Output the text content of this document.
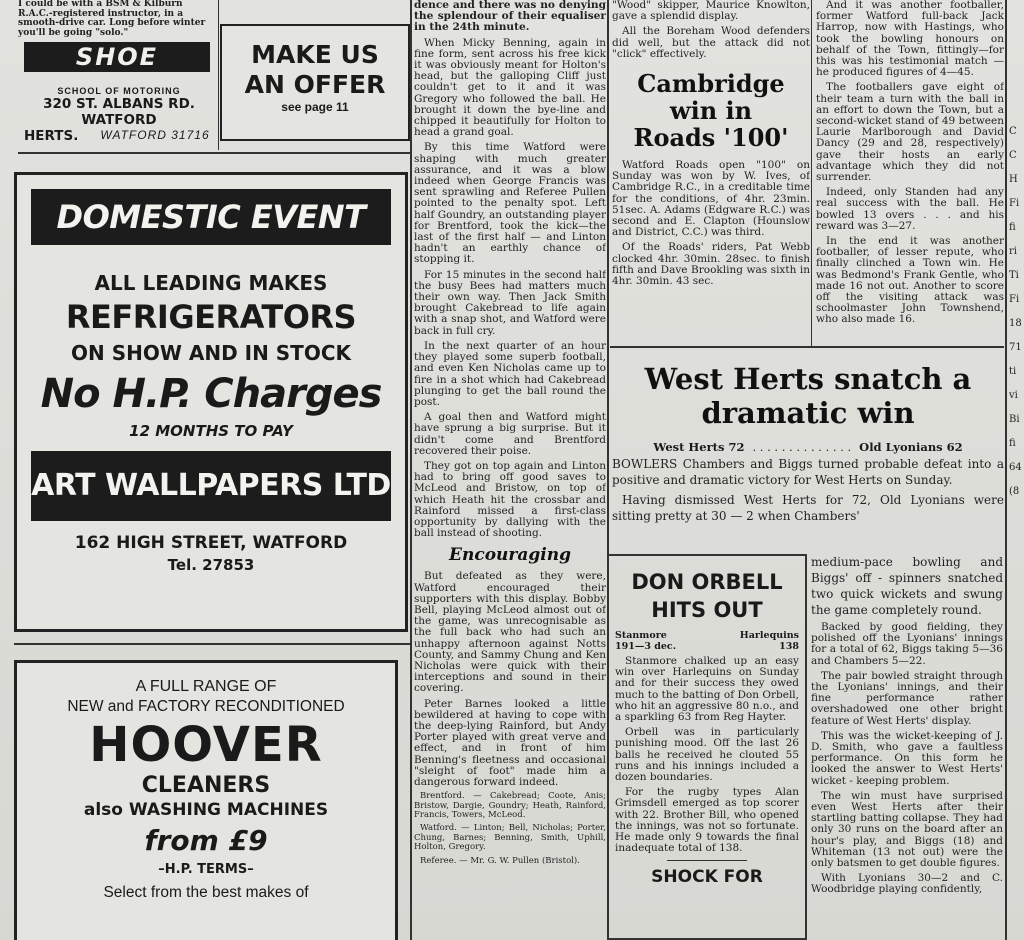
I could be with a BSM & Kilburn R.A.C.-registered instructor, in a smooth-drive car. Long before winter you'll be going "solo."
SHOE
SCHOOL OF MOTORING
320 ST. ALBANS RD. WATFORD
HERTS. WATFORD 31716
MAKE US
AN OFFER
see page 11
DOMESTIC EVENT
ALL LEADING MAKES
REFRIGERATORS
ON SHOW AND IN STOCK
No H.P. Charges
12 MONTHS TO PAY
ART WALLPAPERS LTD
162 HIGH STREET, WATFORD
Tel. 27853
A FULL RANGE OF
NEW and FACTORY RECONDITIONED
HOOVER
CLEANERS
also WASHING MACHINES
from £9
–H.P. TERMS–
Select from the best makes of

dence and there was no denying the splendour of their equaliser in the 24th minute.

When Micky Benning, again in fine form, sent across his free kick it was obviously meant for Holton's head, but the galloping Cliff just couldn't get to it and it was Gregory who followed the ball. He brought it down the bye-line and chipped it beautifully for Holton to head a grand goal.

By this time Watford were shaping with much greater assurance, and it was a blow indeed when George Francis was sent sprawling and Referee Pullen pointed to the penalty spot. Left half Goundry, an outstanding player for Brentford, took the kick—the last of the first half — and Linton hadn't an earthly chance of stopping it.

For 15 minutes in the second half the busy Bees had matters much their own way. Then Jack Smith brought Cakebread to life again with a snap shot, and Watford were back in full cry.

In the next quarter of an hour they played some superb football, and even Ken Nicholas came up to fire in a shot which had Cakebread plunging to get the ball round the post.

A goal then and Watford might have sprung a big surprise. But it didn't come and Brentford recovered their poise.

They got on top again and Linton had to bring off good saves to McLeod and Bristow, on top of which Heath hit the crossbar and Rainford missed a first-class opportunity by dallying with the ball instead of shooting.

Encouraging

But defeated as they were, Watford encouraged their supporters with this display. Bobby Bell, playing McLeod almost out of the game, was unrecognisable as the full back who had such an unhappy afternoon against Notts County, and Sammy Chung and Ken Nicholas were quick with their interceptions and sound in their covering.

Peter Barnes looked a little bewildered at having to cope with the deep-lying Rainford, but Andy Porter played with great verve and effect, and in front of him Benning's fleetness and occasional "sleight of foot" made him a dangerous forward indeed.

Brentford. — Cakebread; Coote, Anis; Bristow, Dargie, Goundry; Heath, Rainford, Francis, Towers, McLeod.

Watford. — Linton; Bell, Nicholas; Porter, Chung, Barnes; Benning, Smith, Uphill, Holton, Gregory.

Referee. — Mr. G. W. Pullen (Bristol).

"Wood" skipper, Maurice Knowlton, gave a splendid display.

All the Boreham Wood defenders did well, but the attack did not "click" effectively.

Cambridge
win in
Roads '100'

Watford Roads open "100" on Sunday was won by W. Ives, of Cambridge R.C., in a creditable time for the conditions, of 4hr. 23min. 51sec. A. Adams (Edgware R.C.) was second and E. Clapton (Hounslow and District, C.C.) was third.

Of the Roads' riders, Pat Webb clocked 4hr. 30min. 28sec. to finish fifth and Dave Brookling was sixth in 4hr. 30min. 43 sec.

And it was another footballer, former Watford full-back Jack Harrop, now with Hastings, who took the bowling honours on behalf of the Town, fittingly—for this was his testimonial match — he produced figures of 4—45.

The footballers gave eight of their team a turn with the ball in an effort to down the Town, but a second-wicket stand of 49 between Laurie Marlborough and David Dancy (29 and 28, respectively) gave their hosts an early advantage which they did not surrender.

Indeed, only Standen had any real success with the ball. He bowled 13 overs . . . and his reward was 3—27.

In the end it was another footballer, of lesser repute, who finally clinched a Town win. He was Bedmond's Frank Gentle, who made 16 not out. Another to score off the visiting attack was schoolmaster John Townshend, who also made 16.

West Herts snatch a
dramatic win
West Herts 72 . . . . . . . . . . . . . . Old Lyonians 62

BOWLERS Chambers and Biggs turned probable defeat into a positive and dramatic victory for West Herts on Sunday.

Having dismissed West Herts for 72, Old Lyonians were sitting pretty at 30 — 2 when Chambers'

DON ORBELL
HITS OUT
Stanmore	Harlequins
191—3 dec.	138

Stanmore chalked up an easy win over Harlequins on Sunday and for their success they owed much to the batting of Don Orbell, who hit an aggressive 80 n.o., and a sparkling 63 from Reg Hayter.

Orbell was in particularly punishing mood. Off the last 26 balls he received he clouted 55 runs and his innings included a dozen boundaries.

For the rugby types Alan Grimsdell emerged as top scorer with 22. Brother Bill, who opened the innings, was not so fortunate. He made only 9 towards the final inadequate total of 138.

SHOCK FOR

medium-pace bowling and Biggs' off - spinners snatched two quick wickets and swung the game completely round.

Backed by good fielding, they polished off the Lyonians' innings for a total of 62, Biggs taking 5—36 and Chambers 5—22.

The pair bowled straight through the Lyonians' innings, and their fine performance rather overshadowed one other bright feature of West Herts' display.

This was the wicket-keeping of J. D. Smith, who gave a faultless performance. On this form he looked the answer to West Herts' wicket - keeping problem.

The win must have surprised even West Herts after their startling batting collapse. They had only 30 runs on the board after an hour's play, and Biggs (18) and Whiteman (13 not out) were the only batsmen to get double figures.

With Lyonians 30—2 and C. Woodbridge playing confidently,

C
C
H
Fi
fi
ri
Ti
Fi
18
71
ti
vi
Bi
fi
64
(8
